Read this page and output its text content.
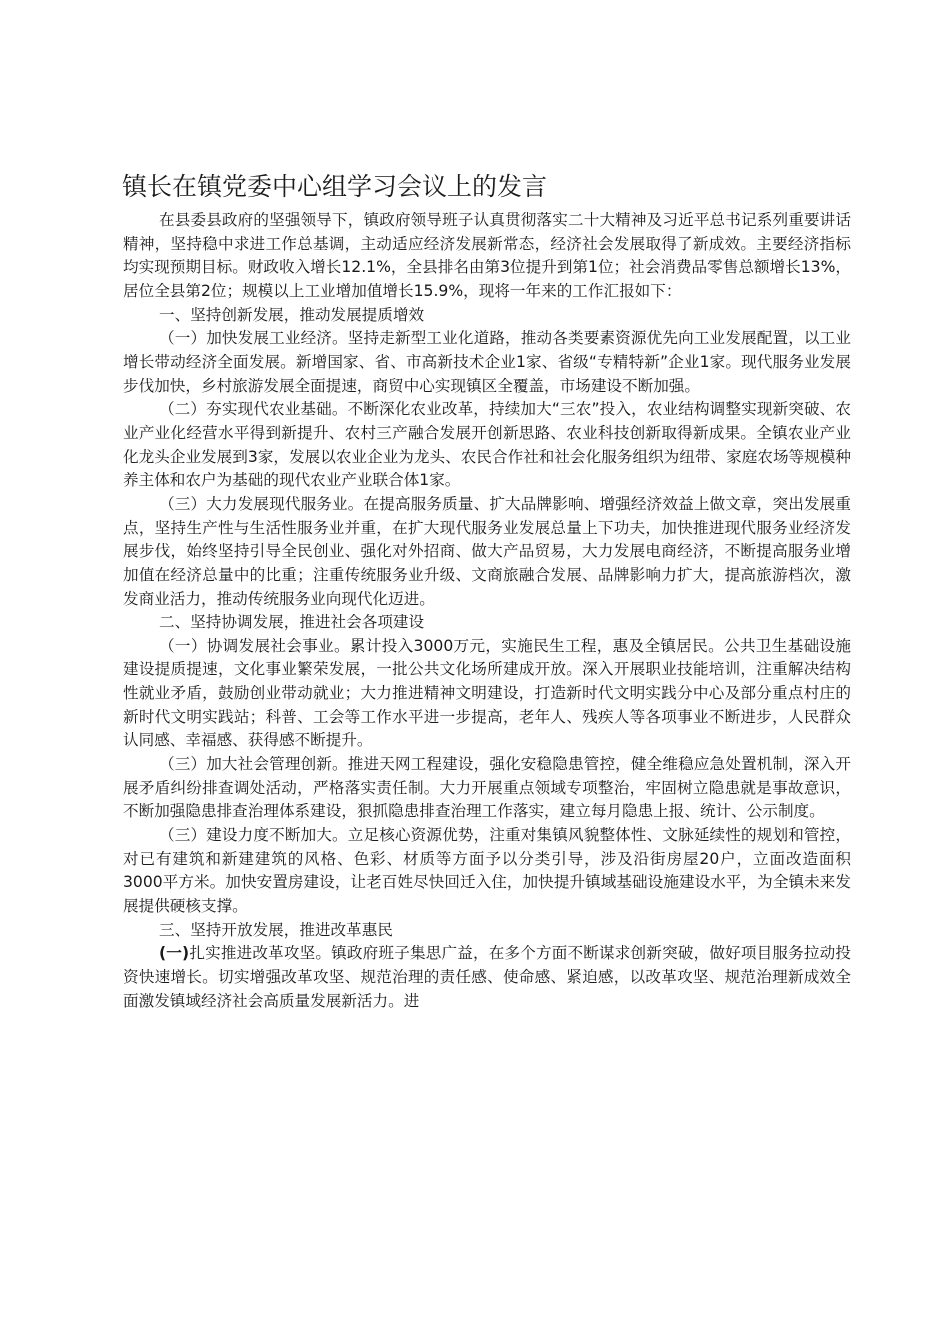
镇长在镇党委中心组学习会议上的发言

在县委县政府的坚强领导下，镇政府领导班子认真贯彻落实二十大精神及习近平总书记系列重要讲话精神，坚持稳中求进工作总基调，主动适应经济发展新常态，经济社会发展取得了新成效。主要经济指标均实现预期目标。财政收入增长12.1%，全县排名由第3位提升到第1位；社会消费品零售总额增长13%，居位全县第2位；规模以上工业增加值增长15.9%，现将一年来的工作汇报如下：

一、坚持创新发展，推动发展提质增效

（一）加快发展工业经济。坚持走新型工业化道路，推动各类要素资源优先向工业发展配置，以工业增长带动经济全面发展。新增国家、省、市高新技术企业1家、省级“专精特新”企业1家。现代服务业发展步伐加快，乡村旅游发展全面提速，商贸中心实现镇区全覆盖，市场建设不断加强。

（二）夯实现代农业基础。不断深化农业改革，持续加大“三农”投入，农业结构调整实现新突破、农业产业化经营水平得到新提升、农村三产融合发展开创新思路、农业科技创新取得新成果。全镇农业产业化龙头企业发展到3家，发展以农业企业为龙头、农民合作社和社会化服务组织为纽带、家庭农场等规模种养主体和农户为基础的现代农业产业联合体1家。

（三）大力发展现代服务业。在提高服务质量、扩大品牌影响、增强经济效益上做文章，突出发展重点，坚持生产性与生活性服务业并重，在扩大现代服务业发展总量上下功夫，加快推进现代服务业经济发展步伐，始终坚持引导全民创业、强化对外招商、做大产品贸易，大力发展电商经济，不断提高服务业增加值在经济总量中的比重；注重传统服务业升级、文商旅融合发展、品牌影响力扩大，提高旅游档次，激发商业活力，推动传统服务业向现代化迈进。

二、坚持协调发展，推进社会各项建设

（一）协调发展社会事业。累计投入3000万元，实施民生工程，惠及全镇居民。公共卫生基础设施建设提质提速，文化事业繁荣发展，一批公共文化场所建成开放。深入开展职业技能培训，注重解决结构性就业矛盾，鼓励创业带动就业；大力推进精神文明建设，打造新时代文明实践分中心及部分重点村庄的新时代文明实践站；科普、工会等工作水平进一步提高，老年人、残疾人等各项事业不断进步，人民群众认同感、幸福感、获得感不断提升。

（三）加大社会管理创新。推进天网工程建设，强化安稳隐患管控，健全维稳应急处置机制，深入开展矛盾纠纷排查调处活动，严格落实责任制。大力开展重点领域专项整治，牢固树立隐患就是事故意识，不断加强隐患排查治理体系建设，狠抓隐患排查治理工作落实，建立每月隐患上报、统计、公示制度。

（三）建设力度不断加大。立足核心资源优势，注重对集镇风貌整体性、文脉延续性的规划和管控，对已有建筑和新建建筑的风格、色彩、材质等方面予以分类引导，涉及沿街房屋20户，立面改造面积3000平方米。加快安置房建设，让老百姓尽快回迁入住，加快提升镇域基础设施建设水平，为全镇未来发展提供硬核支撑。

三、坚持开放发展，推进改革惠民

(一)扎实推进改革攻坚。镇政府班子集思广益，在多个方面不断谋求创新突破，做好项目服务拉动投资快速增长。切实增强改革攻坚、规范治理的责任感、使命感、紧迫感，以改革攻坚、规范治理新成效全面激发镇域经济社会高质量发展新活力。进
